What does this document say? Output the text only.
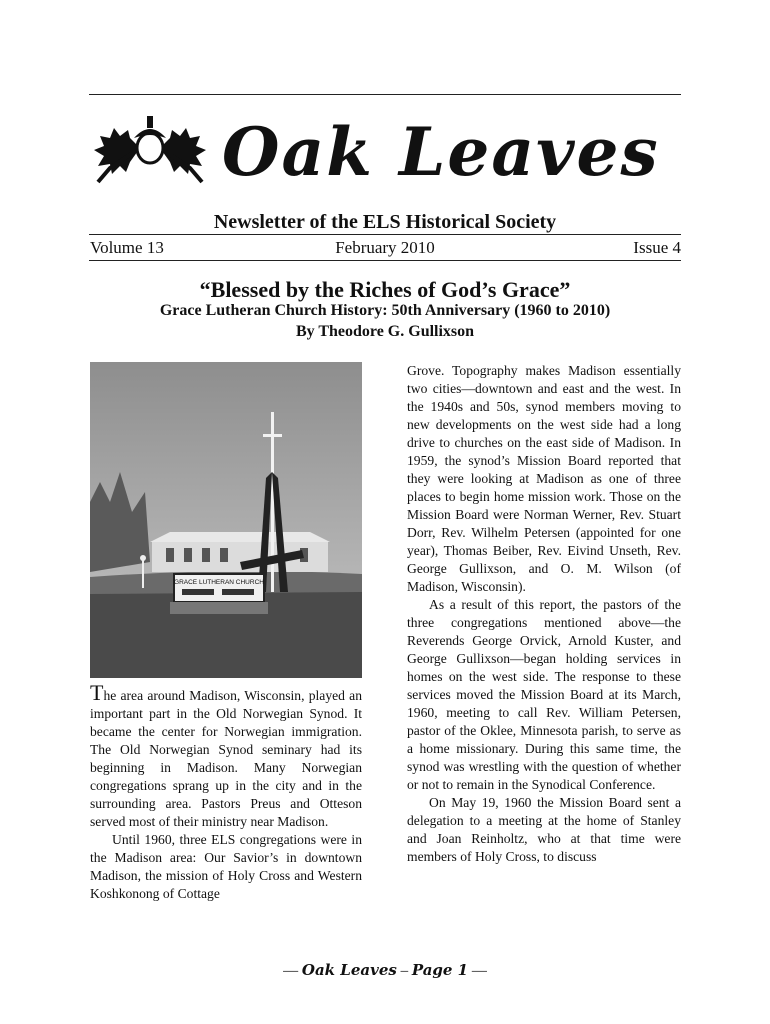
Oak Leaves
Newsletter of the ELS Historical Society
Volume 13	February 2010	Issue 4
“Blessed by the Riches of God’s Grace”
Grace Lutheran Church History: 50th Anniversary (1960 to 2010)
By Theodore G. Gullixson
GRACE LUTHERAN CHURCH

The area around Madison, Wisconsin, played an important part in the Old Norwegian Synod. It became the center for Norwegian immigration. The Old Norwegian Synod seminary had its beginning in Madison. Many Norwegian congregations sprang up in the city and in the surrounding area. Pastors Preus and Otteson served most of their ministry near Madison.

Until 1960, three ELS congregations were in the Madison area: Our Savior’s in downtown Madison, the mission of Holy Cross and Western Koshkonong of Cottage

Grove. Topography makes Madison essentially two cities—downtown and east and the west. In the 1940s and 50s, synod members moving to new developments on the west side had a long drive to churches on the east side of Madison. In 1959, the synod’s Mission Board reported that they were looking at Madison as one of three places to begin home mission work. Those on the Mission Board were Norman Werner, Rev. Stuart Dorr, Rev. Wilhelm Petersen (appointed for one year), Thomas Beiber, Rev. Eivind Unseth, Rev. George Gullixson, and O. M. Wilson (of Madison, Wisconsin).

As a result of this report, the pastors of the three congregations mentioned above—the Reverends George Orvick, Arnold Kuster, and George Gullixson—began holding services in homes on the west side. The response to these services moved the Mission Board at its March, 1960, meeting to call Rev. William Petersen, pastor of the Oklee, Minnesota parish, to serve as a home missionary. During this same time, the synod was wrestling with the question of whether or not to remain in the Synodical Conference.

On May 19, 1960 the Mission Board sent a delegation to a meeting at the home of Stanley and Joan Reinholtz, who at that time were members of Holy Cross, to discuss

— Oak Leaves – Page 1 —
